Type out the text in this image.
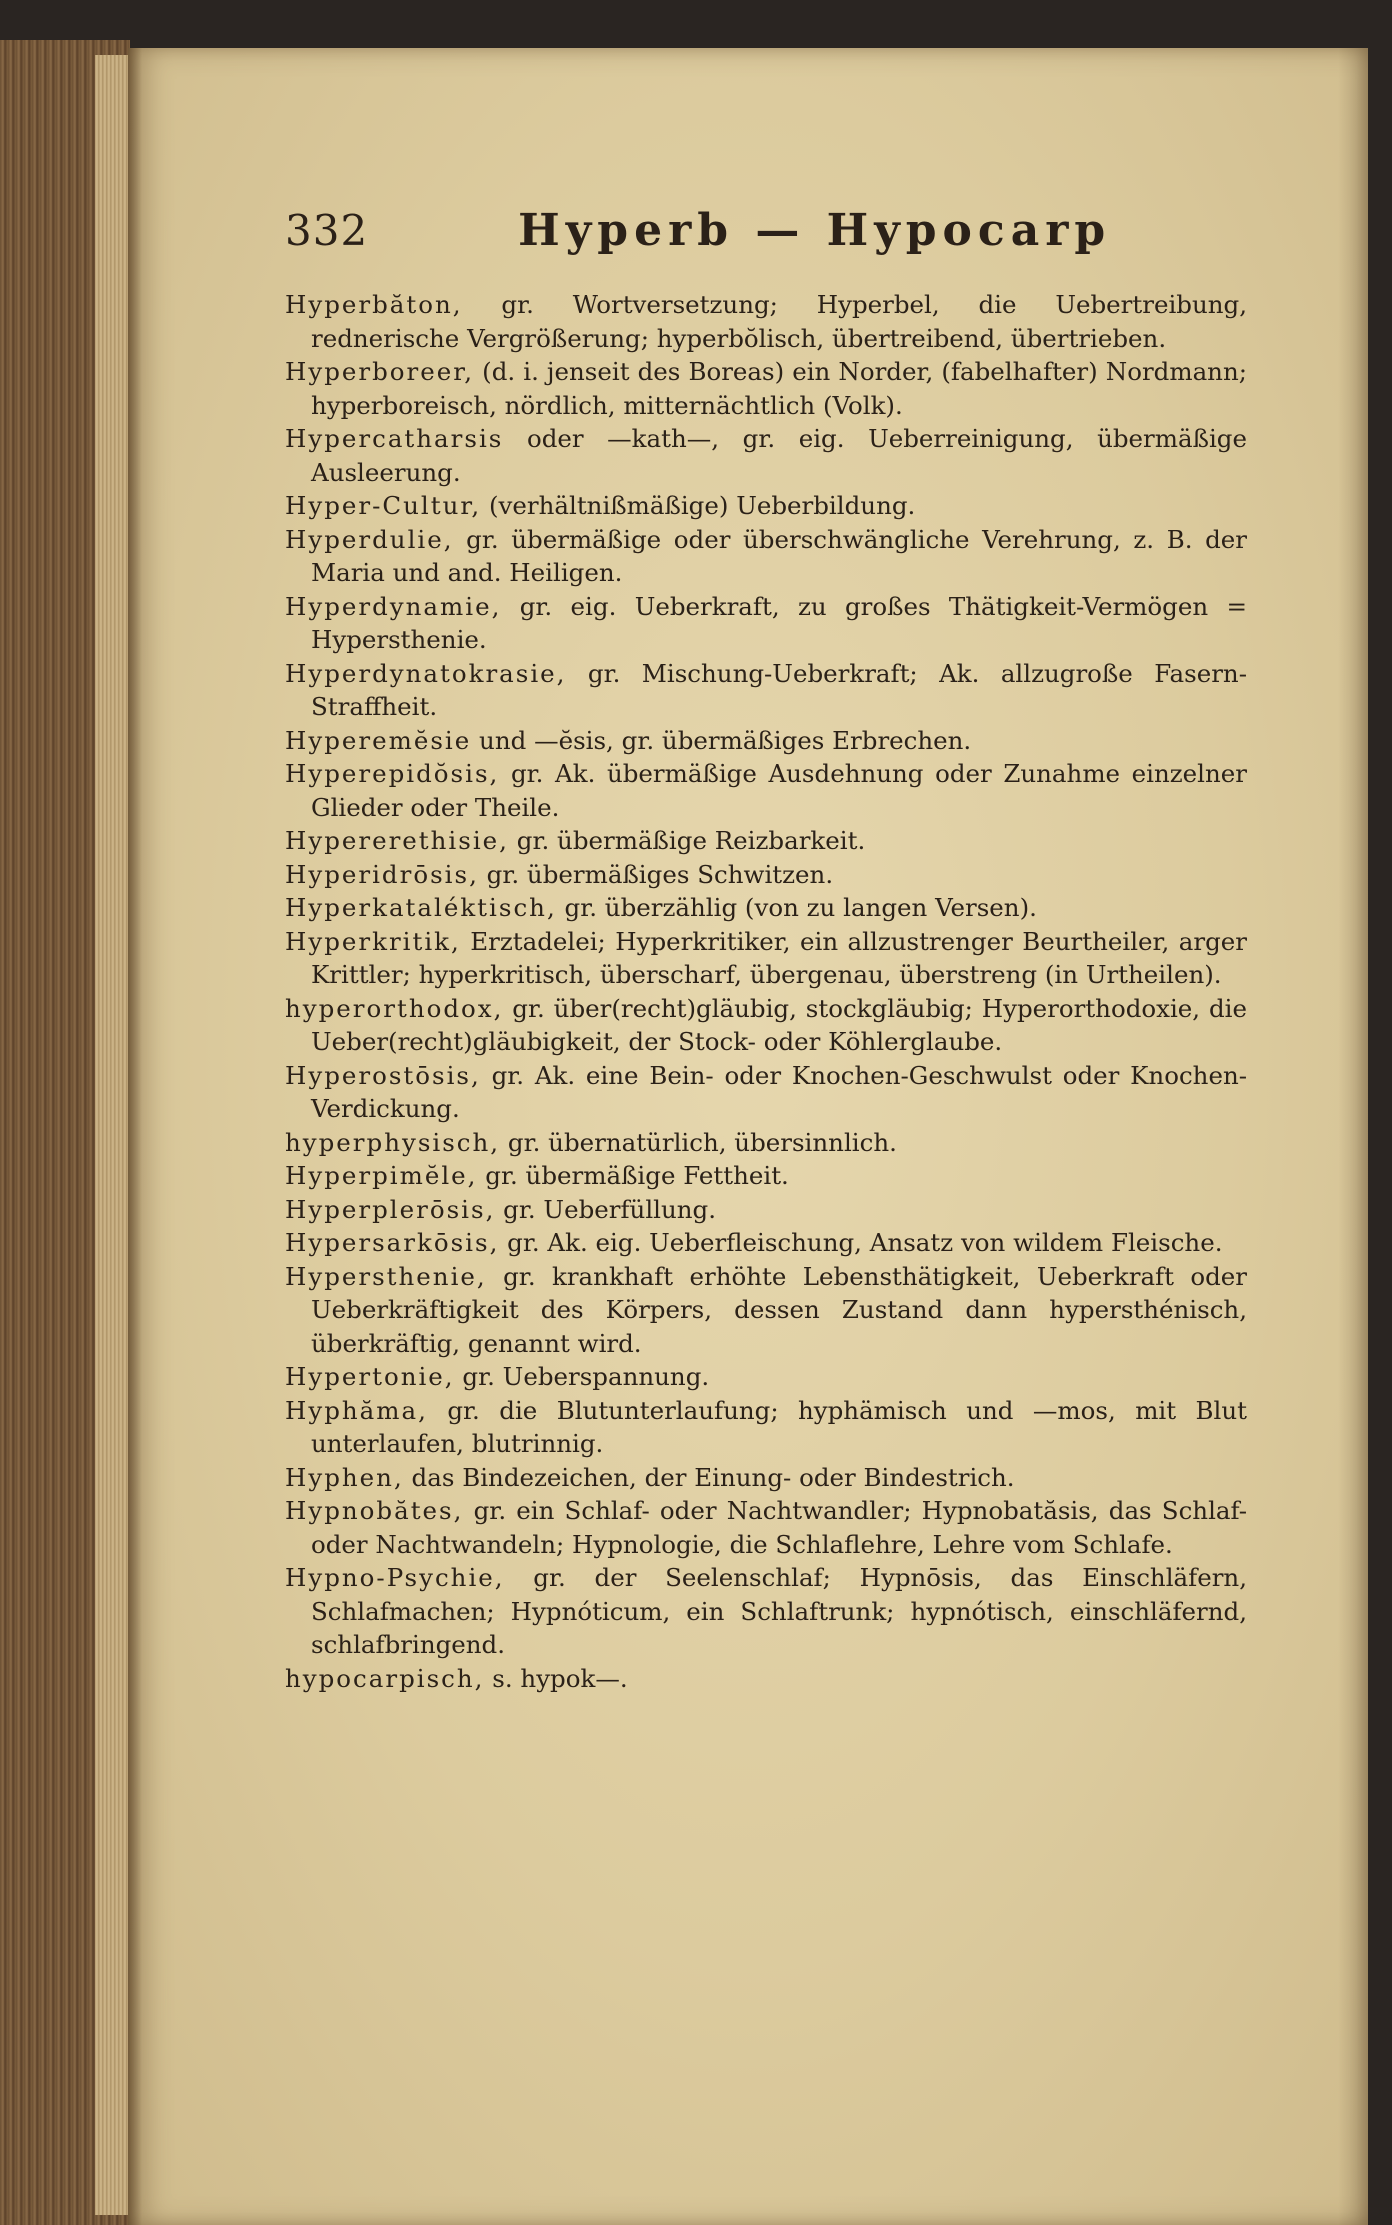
332	Hyperb — Hypocarp

Hyperbăton, gr. Wortversetzung; Hyperbel, die Uebertreibung, rednerische Vergrößerung; hyperbŏlisch, übertreibend, übertrieben.

Hyperboreer, (d. i. jenseit des Boreas) ein Norder, (fabelhafter) Nordmann; hyperboreisch, nördlich, mitternächtlich (Volk).

Hypercatharsis oder —kath—, gr. eig. Ueberreinigung, übermäßige Ausleerung.

Hyper-Cultur, (verhältnißmäßige) Ueberbildung.

Hyperdulie, gr. übermäßige oder überschwängliche Verehrung, z. B. der Maria und and. Heiligen.

Hyperdynamie, gr. eig. Ueberkraft, zu großes Thätigkeit-Vermögen = Hypersthenie.

Hyperdynatokrasie, gr. Mischung-Ueberkraft; Ak. allzugroße Fasern-Straffheit.

Hyperemĕsie und —ĕsis, gr. übermäßiges Erbrechen.

Hyperepidŏsis, gr. Ak. übermäßige Ausdehnung oder Zunahme einzelner Glieder oder Theile.

Hypererethisie, gr. übermäßige Reizbarkeit.

Hyperidrōsis, gr. übermäßiges Schwitzen.

Hyperkataléktisch, gr. überzählig (von zu langen Versen).

Hyperkritik, Erztadelei; Hyperkritiker, ein allzustrenger Beurtheiler, arger Krittler; hyperkritisch, überscharf, übergenau, überstreng (in Urtheilen).

hyperorthodox, gr. über(recht)gläubig, stockgläubig; Hyperorthodoxie, die Ueber(recht)gläubigkeit, der Stock- oder Köhlerglaube.

Hyperostōsis, gr. Ak. eine Bein- oder Knochen-Geschwulst oder Knochen-Verdickung.

hyperphysisch, gr. übernatürlich, übersinnlich.

Hyperpimĕle, gr. übermäßige Fettheit.

Hyperplerōsis, gr. Ueberfüllung.

Hypersarkōsis, gr. Ak. eig. Ueberfleischung, Ansatz von wildem Fleische.

Hypersthenie, gr. krankhaft erhöhte Lebensthätigkeit, Ueberkraft oder Ueberkräftigkeit des Körpers, dessen Zustand dann hypersthénisch, überkräftig, genannt wird.

Hypertonie, gr. Ueberspannung.

Hyphăma, gr. die Blutunterlaufung; hyphämisch und —mos, mit Blut unterlaufen, blutrinnig.

Hyphen, das Bindezeichen, der Einung- oder Bindestrich.

Hypnobătes, gr. ein Schlaf- oder Nachtwandler; Hypnobatăsis, das Schlaf- oder Nachtwandeln; Hypnologie, die Schlaflehre, Lehre vom Schlafe.

Hypno-Psychie, gr. der Seelenschlaf; Hypnōsis, das Einschläfern, Schlafmachen; Hypnóticum, ein Schlaftrunk; hypnótisch, einschläfernd, schlafbringend.

hypocarpisch, s. hypok—.
